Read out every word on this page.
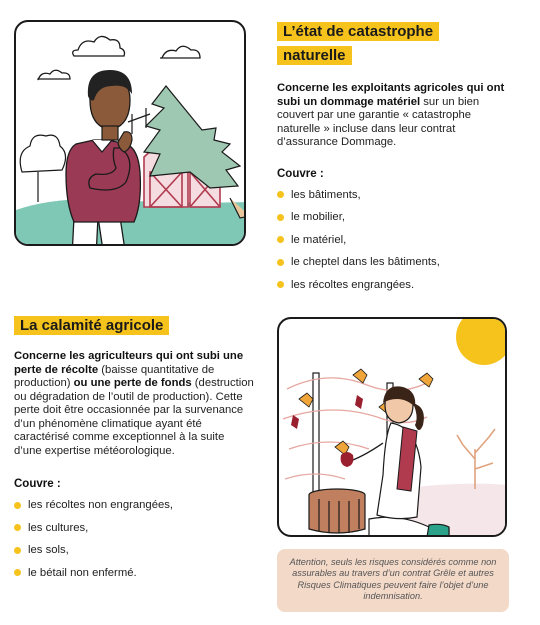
L’état de catastrophe
naturelle

Concerne les exploitants agricoles qui ont subi un dommage matériel sur un bien couvert par une garantie « catastrophe naturelle » incluse dans leur contrat d’assurance Dommage.

Couvre :

les bâtiments,
le mobilier,
le matériel,
le cheptel dans les bâtiments,
les récoltes engrangées.
La calamité agricole

Concerne les agriculteurs qui ont subi une perte de récolte (baisse quantitative de production) ou une perte de fonds (destruction ou dégradation de l’outil de production). Cette perte doit être occasionnée par la survenance d’un phénomène climatique ayant été caractérisé comme exceptionnel à la suite d’une expertise météorologique.

Couvre :

les récoltes non engrangées,
les cultures,
les sols,
le bétail non enfermé.
Attention, seuls les risques considérés comme non assurables au travers d’un contrat Grêle et autres Risques Climatiques peuvent faire l’objet d’une indemnisation.
